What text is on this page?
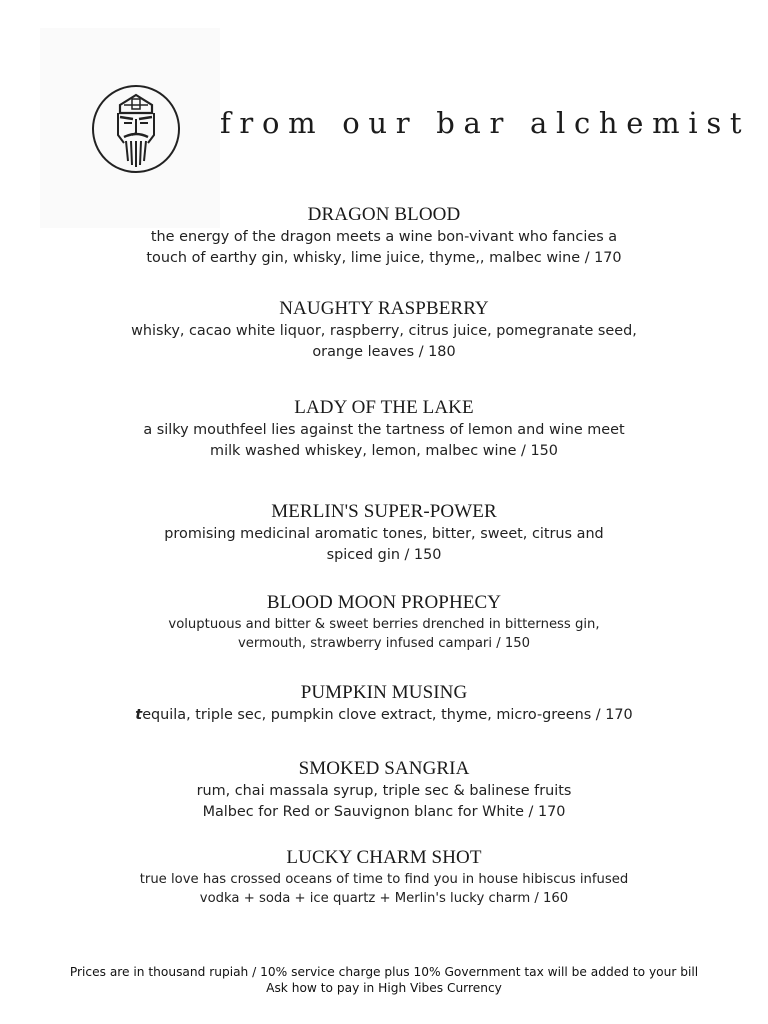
from our bar alchemist
DRAGON BLOOD
the energy of the dragon meets a wine bon-vivant who fancies a
touch of earthy gin, whisky, lime juice, thyme,, malbec wine / 170
NAUGHTY RASPBERRY
whisky, cacao white liquor, raspberry, citrus juice, pomegranate seed,
orange leaves / 180
LADY OF THE LAKE
a silky mouthfeel lies against the tartness of lemon and wine meet
milk washed whiskey, lemon, malbec wine / 150
MERLIN'S SUPER-POWER
promising medicinal aromatic tones, bitter, sweet, citrus and
spiced gin / 150
BLOOD MOON PROPHECY
voluptuous and bitter & sweet berries drenched in bitterness gin,
vermouth, strawberry infused campari / 150
PUMPKIN MUSING
tequila, triple sec, pumpkin clove extract, thyme, micro-greens / 170
SMOKED SANGRIA
rum, chai massala syrup, triple sec & balinese fruits
Malbec for Red or Sauvignon blanc for White / 170
LUCKY CHARM SHOT
true love has crossed oceans of time to find you in house hibiscus infused
vodka + soda + ice quartz + Merlin's lucky charm / 160
Prices are in thousand rupiah / 10% service charge plus 10% Government tax will be added to your bill
Ask how to pay in High Vibes Currency
